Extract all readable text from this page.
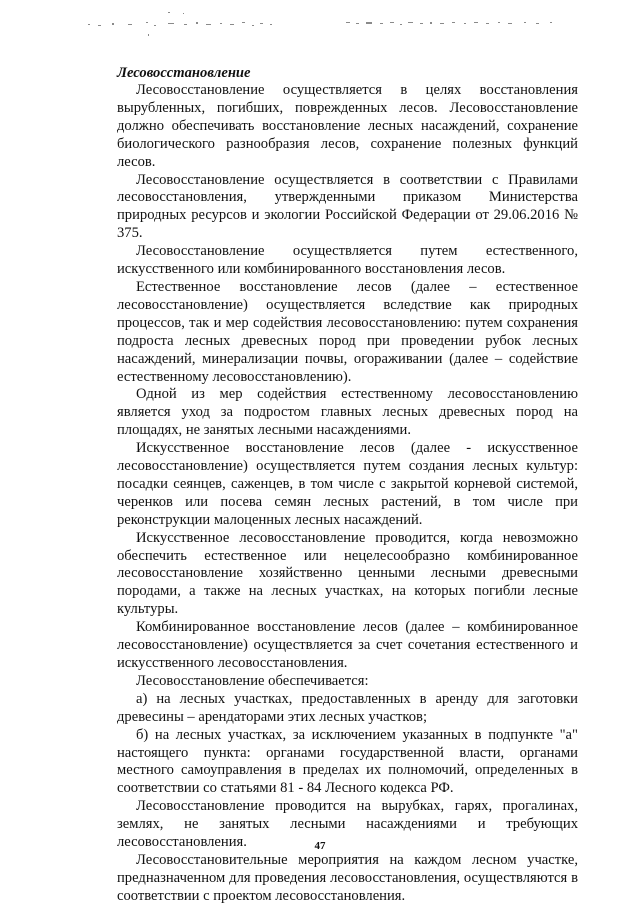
Лесовосстановление

Лесовосстановление осуществляется в целях восстановления вырубленных, погибших, поврежденных лесов. Лесовосстановление должно обеспечивать восстановление лесных насаждений, сохранение биологического разнообразия лесов, сохранение полезных функций лесов.

Лесовосстановление осуществляется в соответствии с Правилами лесовосстановления, утвержденными приказом Министерства природных ресурсов и экологии Российской Федерации от 29.06.2016 № 375.

Лесовосстановление осуществляется путем естественного, искусственного или комбинированного восстановления лесов.

Естественное восстановление лесов (далее – естественное лесовосстановление) осуществляется вследствие как природных процессов, так и мер содействия лесовосстановлению: путем сохранения подроста лесных древесных пород при проведении рубок лесных насаждений, минерализации почвы, огораживании (далее – содействие естественному лесовосстановлению).

Одной из мер содействия естественному лесовосстановлению является уход за подростом главных лесных древесных пород на площадях, не занятых лесными насаждениями.

Искусственное восстановление лесов (далее - искусственное лесовосстановление) осуществляется путем создания лесных культур: посадки сеянцев, саженцев, в том числе с закрытой корневой системой, черенков или посева семян лесных растений, в том числе при реконструкции малоценных лесных насаждений.

Искусственное лесовосстановление проводится, когда невозможно обеспечить естественное или нецелесообразно комбинированное лесовосстановление хозяйственно ценными лесными древесными породами, а также на лесных участках, на которых погибли лесные культуры.

Комбинированное восстановление лесов (далее – комбинированное лесовосстановление) осуществляется за счет сочетания естественного и искусственного лесовосстановления.

Лесовосстановление обеспечивается:

а) на лесных участках, предоставленных в аренду для заготовки древесины – арендаторами этих лесных участков;

б) на лесных участках, за исключением указанных в подпункте "а" настоящего пункта: органами государственной власти, органами местного самоуправления в пределах их полномочий, определенных в соответствии со статьями 81 - 84 Лесного кодекса РФ.

Лесовосстановление проводится на вырубках, гарях, прогалинах, землях, не занятых лесными насаждениями и требующих лесовосстановления.

Лесовосстановительные мероприятия на каждом лесном участке, предназначенном для проведения лесовосстановления, осуществляются в соответствии с проектом лесовосстановления.

47
